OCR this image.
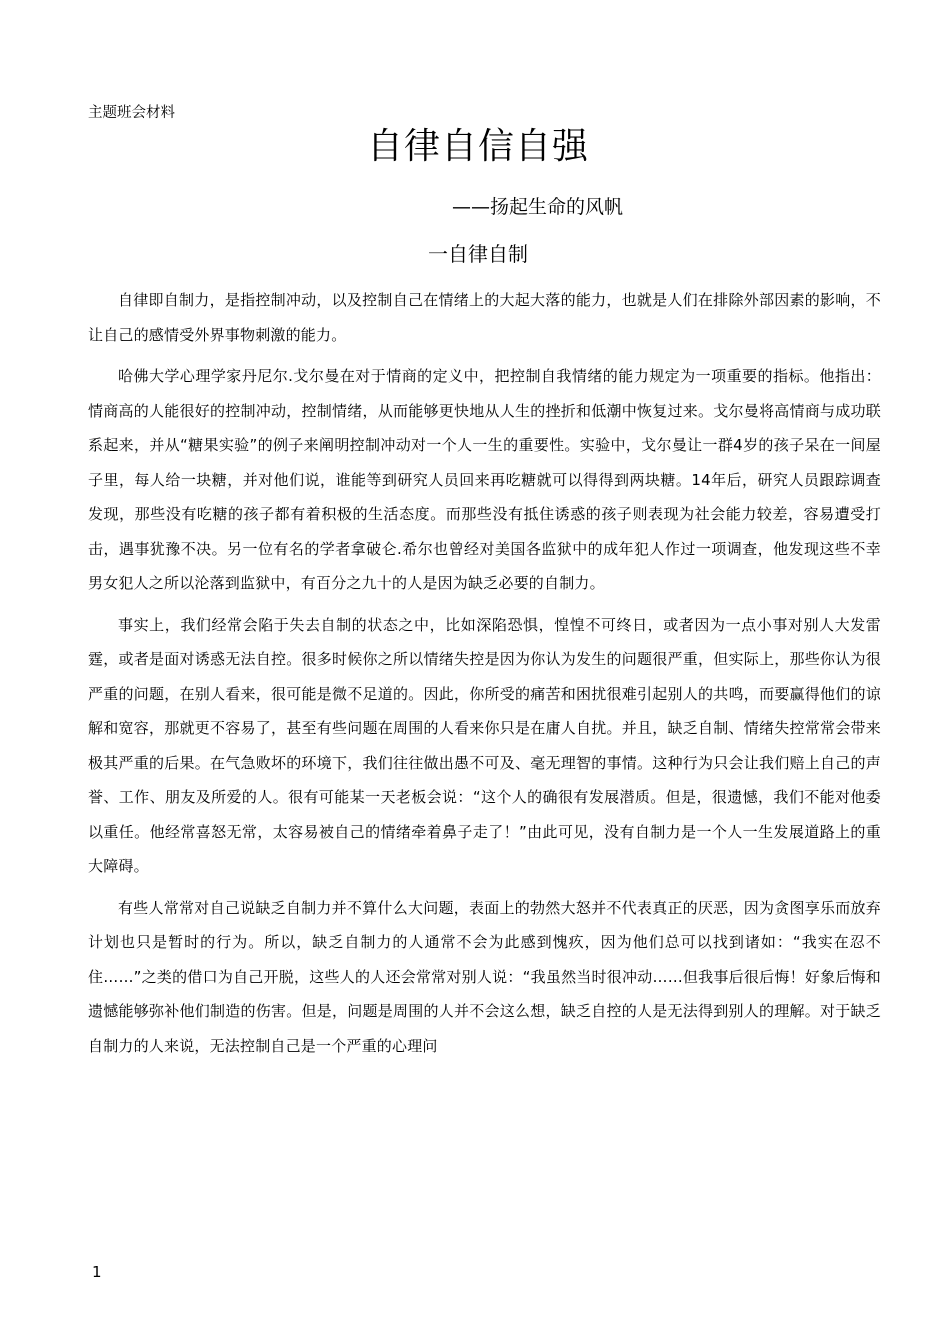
主题班会材料
自律自信自强
——扬起生命的风帆
一自律自制

自律即自制力，是指控制冲动，以及控制自己在情绪上的大起大落的能力，也就是人们在排除外部因素的影响，不让自己的感情受外界事物刺激的能力。

哈佛大学心理学家丹尼尔.戈尔曼在对于情商的定义中，把控制自我情绪的能力规定为一项重要的指标。他指出：情商高的人能很好的控制冲动，控制情绪，从而能够更快地从人生的挫折和低潮中恢复过来。戈尔曼将高情商与成功联系起来，并从“糖果实验”的例子来阐明控制冲动对一个人一生的重要性。实验中，戈尔曼让一群4岁的孩子呆在一间屋子里，每人给一块糖，并对他们说，谁能等到研究人员回来再吃糖就可以得得到两块糖。14年后，研究人员跟踪调查发现，那些没有吃糖的孩子都有着积极的生活态度。而那些没有抵住诱惑的孩子则表现为社会能力较差，容易遭受打击，遇事犹豫不决。另一位有名的学者拿破仑.希尔也曾经对美国各监狱中的成年犯人作过一项调查，他发现这些不幸男女犯人之所以沦落到监狱中，有百分之九十的人是因为缺乏必要的自制力。

事实上，我们经常会陷于失去自制的状态之中，比如深陷恐惧，惶惶不可终日，或者因为一点小事对别人大发雷霆，或者是面对诱惑无法自控。很多时候你之所以情绪失控是因为你认为发生的问题很严重，但实际上，那些你认为很严重的问题，在别人看来，很可能是微不足道的。因此，你所受的痛苦和困扰很难引起别人的共鸣，而要赢得他们的谅解和宽容，那就更不容易了，甚至有些问题在周围的人看来你只是在庸人自扰。并且，缺乏自制、情绪失控常常会带来极其严重的后果。在气急败坏的环境下，我们往往做出愚不可及、毫无理智的事情。这种行为只会让我们赔上自己的声誉、工作、朋友及所爱的人。很有可能某一天老板会说：“这个人的确很有发展潜质。但是，很遗憾，我们不能对他委以重任。他经常喜怒无常，太容易被自己的情绪牵着鼻子走了！”由此可见，没有自制力是一个人一生发展道路上的重大障碍。

有些人常常对自己说缺乏自制力并不算什么大问题，表面上的勃然大怒并不代表真正的厌恶，因为贪图享乐而放弃计划也只是暂时的行为。所以，缺乏自制力的人通常不会为此感到愧疚，因为他们总可以找到诸如：“我实在忍不住……”之类的借口为自己开脱，这些人的人还会常常对别人说：“我虽然当时很冲动……但我事后很后悔！好象后悔和遗憾能够弥补他们制造的伤害。但是，问题是周围的人并不会这么想，缺乏自控的人是无法得到别人的理解。对于缺乏自制力的人来说，无法控制自己是一个严重的心理问

1
